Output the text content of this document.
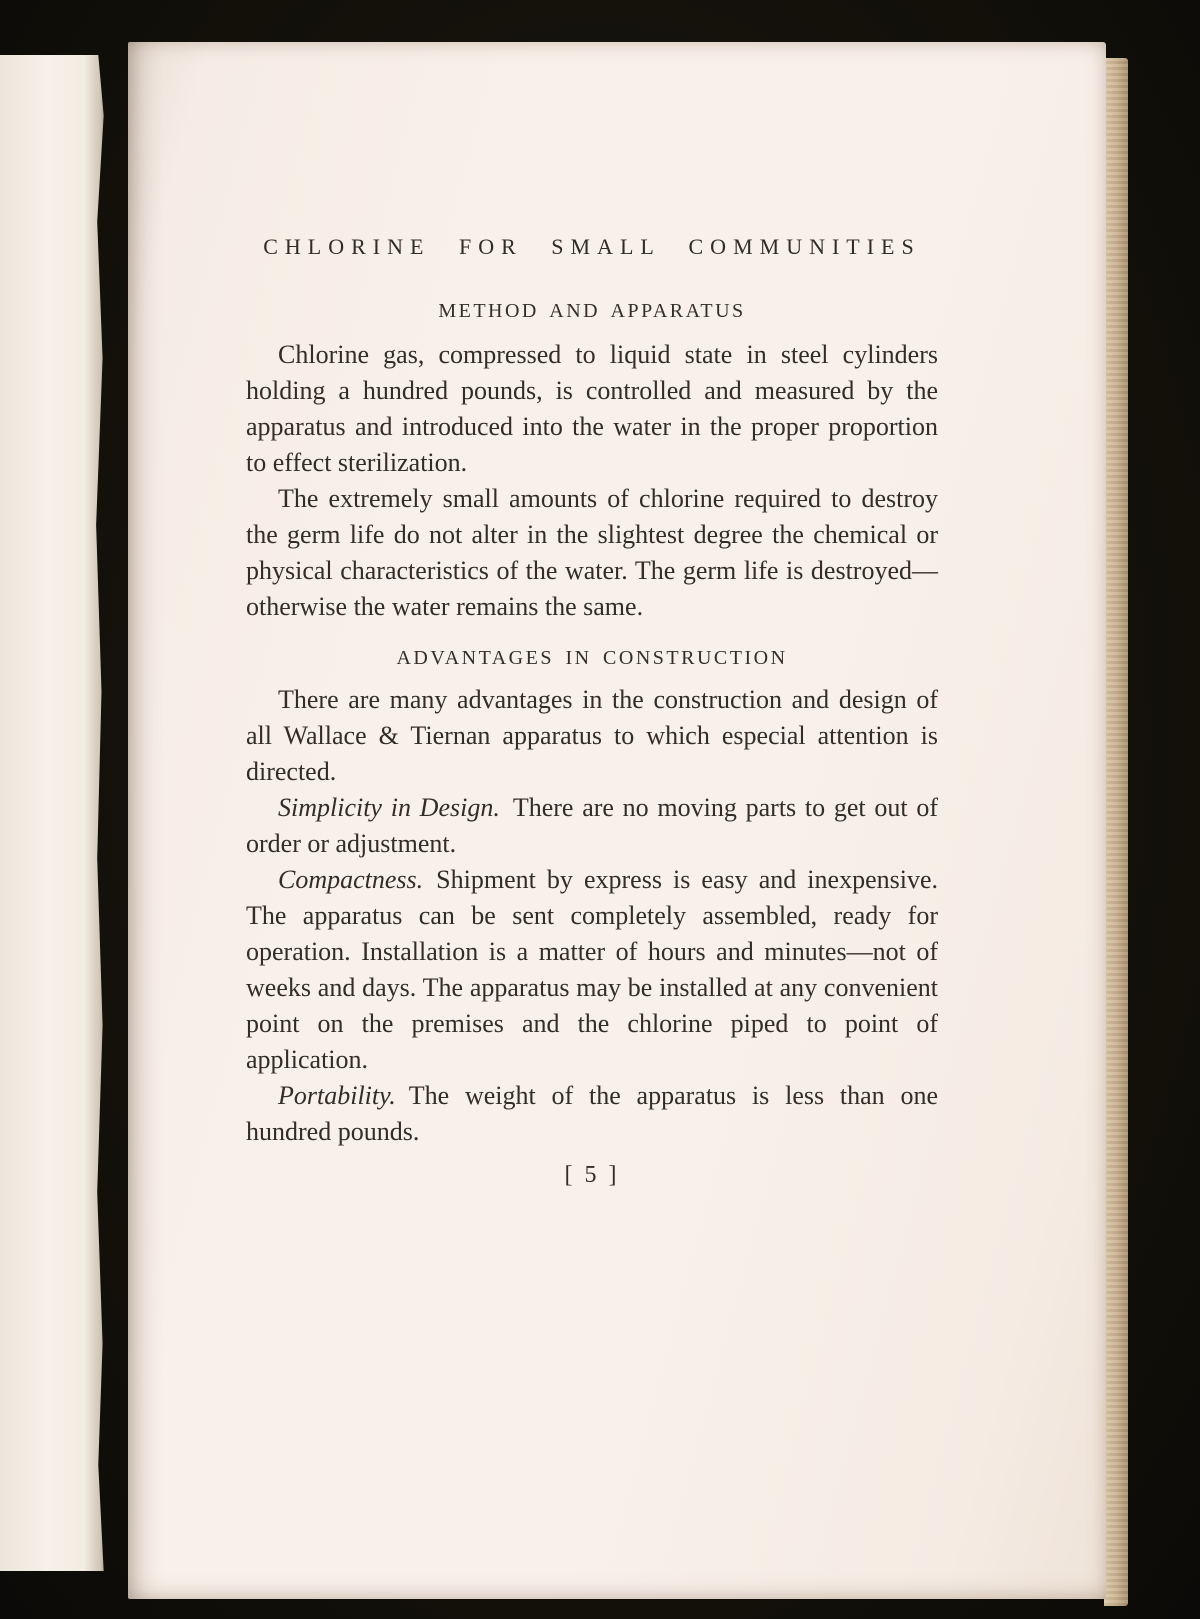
CHLORINE FOR SMALL COMMUNITIES
METHOD AND APPARATUS

Chlorine gas, compressed to liquid state in steel cylinders holding a hundred pounds, is controlled and measured by the apparatus and introduced into the water in the proper proportion to effect sterilization.

The extremely small amounts of chlorine required to destroy the germ life do not alter in the slightest degree the chemical or physical characteristics of the water. The germ life is destroyed—otherwise the water remains the same.

ADVANTAGES IN CONSTRUCTION

There are many advantages in the construction and design of all Wallace & Tiernan apparatus to which especial attention is directed.

Simplicity in Design. There are no moving parts to get out of order or adjustment.

Compactness. Shipment by express is easy and inexpensive. The apparatus can be sent completely assembled, ready for operation. Installation is a matter of hours and minutes—not of weeks and days. The apparatus may be installed at any convenient point on the premises and the chlorine piped to point of application.

Portability. The weight of the apparatus is less than one hundred pounds.

[ 5 ]
